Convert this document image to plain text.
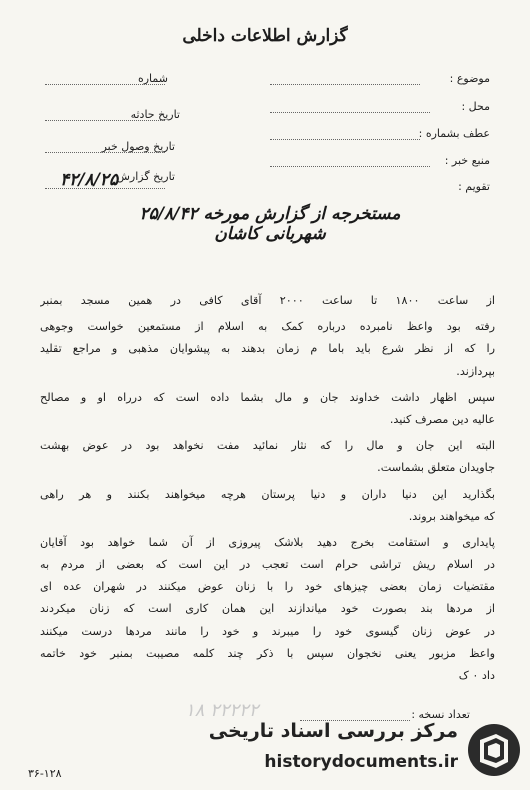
گزارش اطلاعات داخلی
موضوع :
شماره
محل :
تاریخ حادثه
عطف بشماره :
تاریخ وصول خبر
منبع خبر :
تاریخ گزارش
۴۲/۸/۲۵	تقویم :
مستخرجه از گزارش مورخه ۲۵/۸/۴۲ شهربانی کاشان
از ساعت ۱۸۰۰ تا ساعت ۲۰۰۰ آقای کافی در همین مسجد بمنبر
رفته بود واعظ نامبرده درباره کمک به اسلام از مستمعین خواست وجوهی
را که از نظر شرع باید باما م زمان بدهند به پیشوایان مذهبی و مراجع تقلید
بپردازند.
سپس اظهار داشت خداوند جان و مال بشما داده است که درراه او و مصالح
عالیه دین مصرف کنید.
البته این جان و مال را که نثار نمائید مفت نخواهد بود در عوض بهشت
جاویدان متعلق بشماست.
بگذارید این دنیا داران و دنیا پرستان هرچه میخواهند بکنند و هر راهی
که میخواهند بروند.
پایداری و استقامت بخرج دهید بلاشک پیروزی از آن شما خواهد بود آقایان
در اسلام ریش تراشی حرام است تعجب در این است که بعضی از مردم به
مقتضیات زمان بعضی چیزهای خود را با زنان عوض میکنند در شهران عده ای
از مردها بند بصورت خود میاندازند این همان کاری است که زنان میکردند
در عوض زنان گیسوی خود را میبرند و خود را مانند مردها درست میکنند
واعظ مزبور یعنی نخجوان سپس با ذکر چند کلمه مصیبت بمنبر خود خاتمه
داد ۰ ک
۱۸ ۲۲۲۲۲	تعداد نسخه :
۳۶-۱۲۸
مرکز بررسی اسناد تاریخی
historydocuments.ir
